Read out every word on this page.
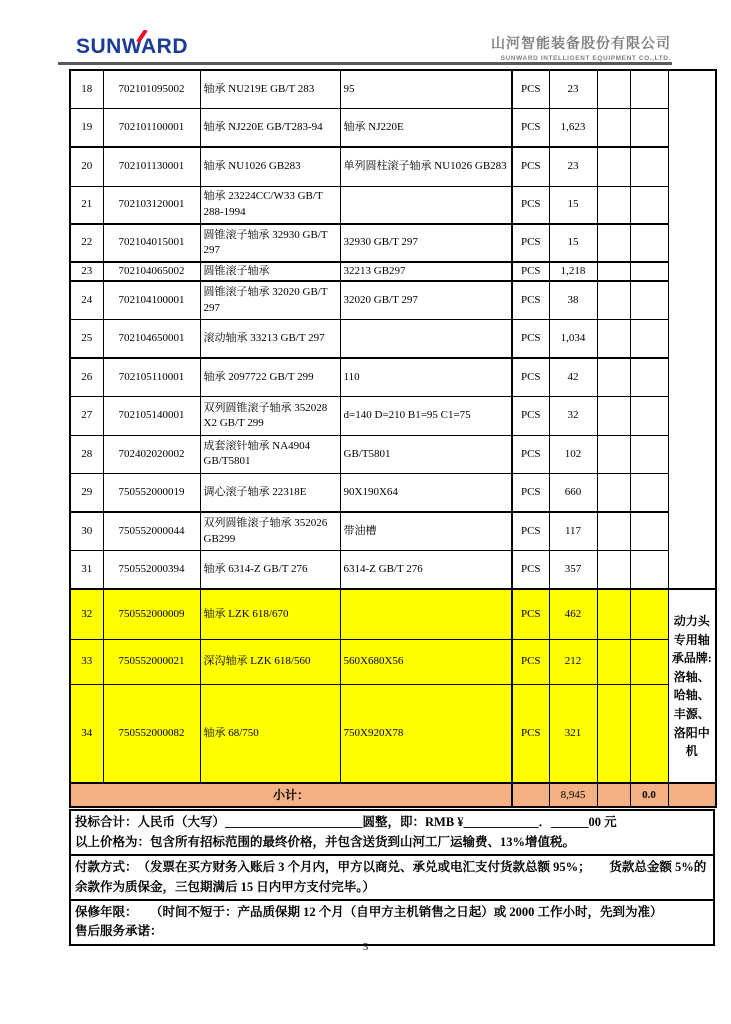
SUNWARD	山河智能装备股份有限公司
SUNWARD INTELLIGENT EQUIPMENT CO.,LTD.
18	702101095002	轴承 NU219E GB/T 283	95	PCS	23			
19	702101100001	轴承 NJ220E GB/T283-94	轴承 NJ220E	PCS	1,623			
20	702101130001	轴承 NU1026 GB283	单列圆柱滚子轴承 NU1026 GB283	PCS	23			
21	702103120001	轴承 23224CC/W33 GB/T 288-1994		PCS	15			
22	702104015001	圆锥滚子轴承 32930 GB/T 297	32930 GB/T 297	PCS	15			
23	702104065002	圆锥滚子轴承	32213 GB297	PCS	1,218			
24	702104100001	圆锥滚子轴承 32020 GB/T 297	32020 GB/T 297	PCS	38			
25	702104650001	滚动轴承 33213 GB/T 297		PCS	1,034			
26	702105110001	轴承 2097722 GB/T 299	110	PCS	42			
27	702105140001	双列圆锥滚子轴承 352028 X2 GB/T 299	d=140 D=210 B1=95 C1=75	PCS	32			
28	702402020002	成套滚针轴承 NA4904 GB/T5801	GB/T5801	PCS	102			
29	750552000019	调心滚子轴承 22318E	90X190X64	PCS	660			
30	750552000044	双列圆锥滚子轴承 352026 GB299	带油槽	PCS	117			
31	750552000394	轴承 6314-Z GB/T 276	6314-Z GB/T 276	PCS	357			
32	750552000009	轴承 LZK 618/670		PCS	462			动力头专用轴承品牌:洛轴、哈轴、丰源、洛阳中机
33	750552000021	深沟轴承 LZK 618/560	560X680X56	PCS	212			
34	750552000082	轴承 68/750	750X920X78	PCS	321			
小计：					8,945		0.0	
投标合计：人民币（大写）______________________圆整，即：RMB ¥____________．______00 元
以上价格为：包含所有招标范围的最终价格，并包含送货到山河工厂运输费、13%增值税。
付款方式：　（发票在买方财务入账后 3 个月内，甲方以商兑、承兑或电汇支付货款总额 95%；　　货款总金额 5%的余款作为质保金，三包期满后 15 日内甲方支付完毕。）
保修年限：　　（时间不短于：产品质保期 12 个月（自甲方主机销售之日起）或 2000 工作小时，先到为准）
售后服务承诺：
3
